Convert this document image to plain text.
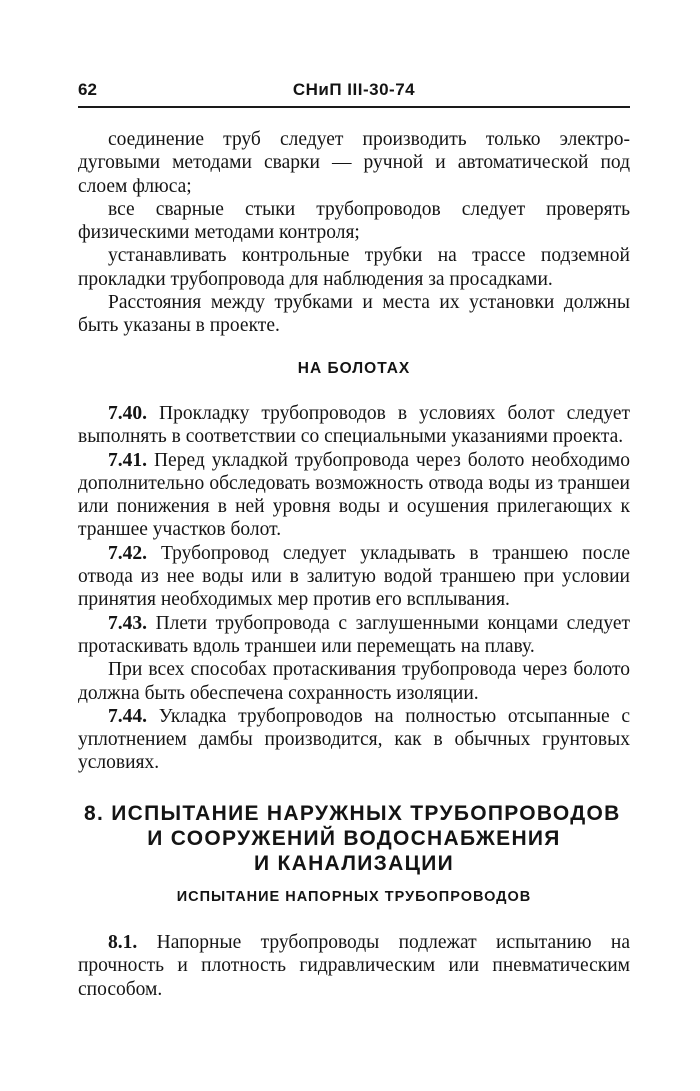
62	СНиП III-30-74

соединение труб следует производить только электродуговыми методами сварки — ручной и автоматической под слоем флюса;

все сварные стыки трубопроводов следует проверять физическими методами контроля;

устанавливать контрольные трубки на трассе подземной прокладки трубопровода для наблюдения за просадками.

Расстояния между трубками и места их установки должны быть указаны в проекте.

НА БОЛОТАХ

7.40. Прокладку трубопроводов в условиях болот следует выполнять в соответствии со специальными указаниями проекта.

7.41. Перед укладкой трубопровода через болото необходимо дополнительно обследовать возможность отвода воды из траншеи или понижения в ней уровня воды и осушения прилегающих к траншее участков болот.

7.42. Трубопровод следует укладывать в траншею после отвода из нее воды или в залитую водой траншею при условии принятия необходимых мер против его всплывания.

7.43. Плети трубопровода с заглушенными концами следует протаскивать вдоль траншеи или перемещать на плаву.

При всех способах протаскивания трубопровода через болото должна быть обеспечена сохранность изоляции.

7.44. Укладка трубопроводов на полностью отсыпанные с уплотнением дамбы производится, как в обычных грунтовых условиях.

8. ИСПЫТАНИЕ НАРУЖНЫХ ТРУБОПРОВОДОВ
И СООРУЖЕНИЙ ВОДОСНАБЖЕНИЯ
И КАНАЛИЗАЦИИ
ИСПЫТАНИЕ НАПОРНЫХ ТРУБОПРОВОДОВ

8.1. Напорные трубопроводы подлежат испытанию на прочность и плотность гидравлическим или пневматическим способом.
